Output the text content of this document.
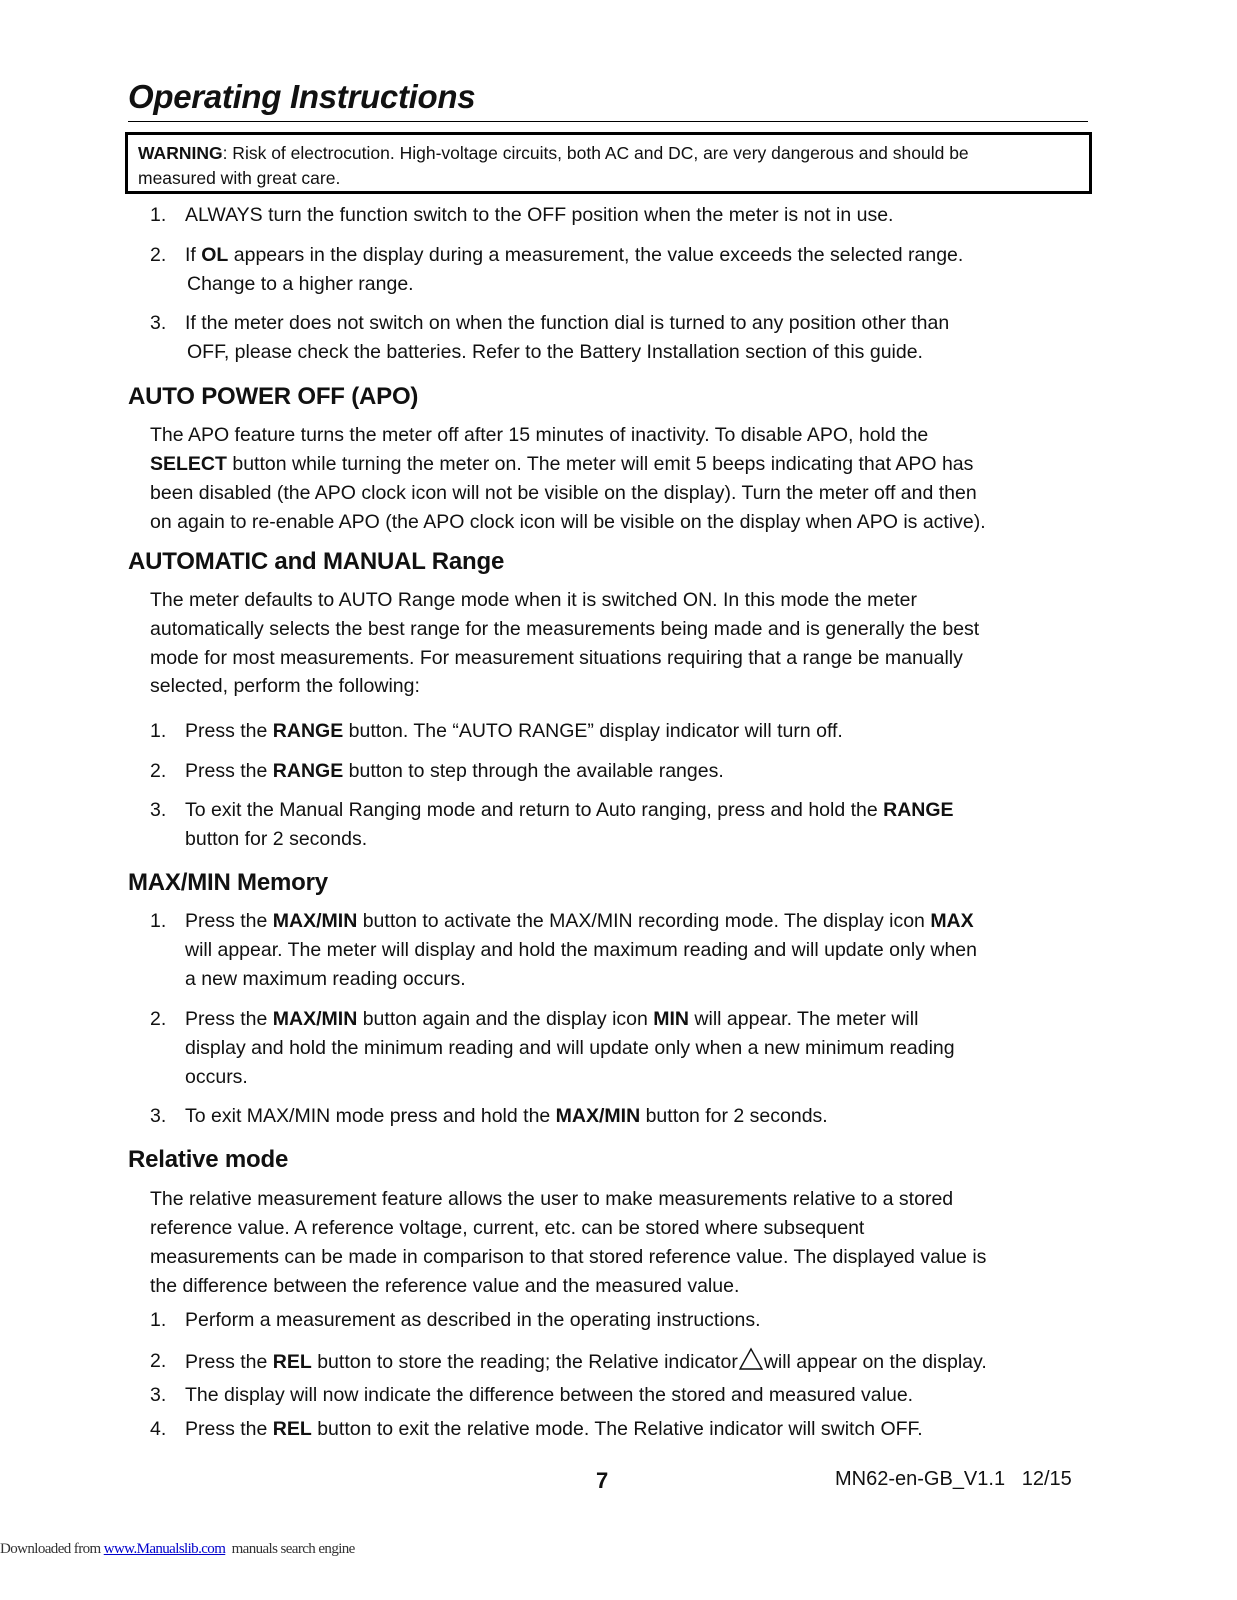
Operating Instructions
WARNING: Risk of electrocution. High-voltage circuits, both AC and DC, are very dangerous and should be
measured with great care.
1. ALWAYS turn the function switch to the OFF position when the meter is not in use.
2. If OL appears in the display during a measurement, the value exceeds the selected range.
Change to a higher range.
3. If the meter does not switch on when the function dial is turned to any position other than
OFF, please check the batteries. Refer to the Battery Installation section of this guide.
AUTO POWER OFF (APO)

The APO feature turns the meter off after 15 minutes of inactivity. To disable APO, hold the

SELECT button while turning the meter on. The meter will emit 5 beeps indicating that APO has

been disabled (the APO clock icon will not be visible on the display). Turn the meter off and then

on again to re-enable APO (the APO clock icon will be visible on the display when APO is active).

AUTOMATIC and MANUAL Range

The meter defaults to AUTO Range mode when it is switched ON. In this mode the meter

automatically selects the best range for the measurements being made and is generally the best

mode for most measurements. For measurement situations requiring that a range be manually

selected, perform the following:

1. Press the RANGE button. The “AUTO RANGE” display indicator will turn off.
2. Press the RANGE button to step through the available ranges.
3. To exit the Manual Ranging mode and return to Auto ranging, press and hold the RANGE
button for 2 seconds.
MAX/MIN Memory
1. Press the MAX/MIN button to activate the MAX/MIN recording mode. The display icon MAX
will appear. The meter will display and hold the maximum reading and will update only when
a new maximum reading occurs.
2. Press the MAX/MIN button again and the display icon MIN will appear. The meter will
display and hold the minimum reading and will update only when a new minimum reading
occurs.
3. To exit MAX/MIN mode press and hold the MAX/MIN button for 2 seconds.
Relative mode

The relative measurement feature allows the user to make measurements relative to a stored

reference value. A reference voltage, current, etc. can be stored where subsequent

measurements can be made in comparison to that stored reference value. The displayed value is

the difference between the reference value and the measured value.

1. Perform a measurement as described in the operating instructions.
2. Press the REL button to store the reading; the Relative indicator will appear on the display.
3. The display will now indicate the difference between the stored and measured value.
4. Press the REL button to exit the relative mode. The Relative indicator will switch OFF.
7	MN62-en-GB_V1.1   12/15
Downloaded from www.Manualslib.com  manuals search engine
